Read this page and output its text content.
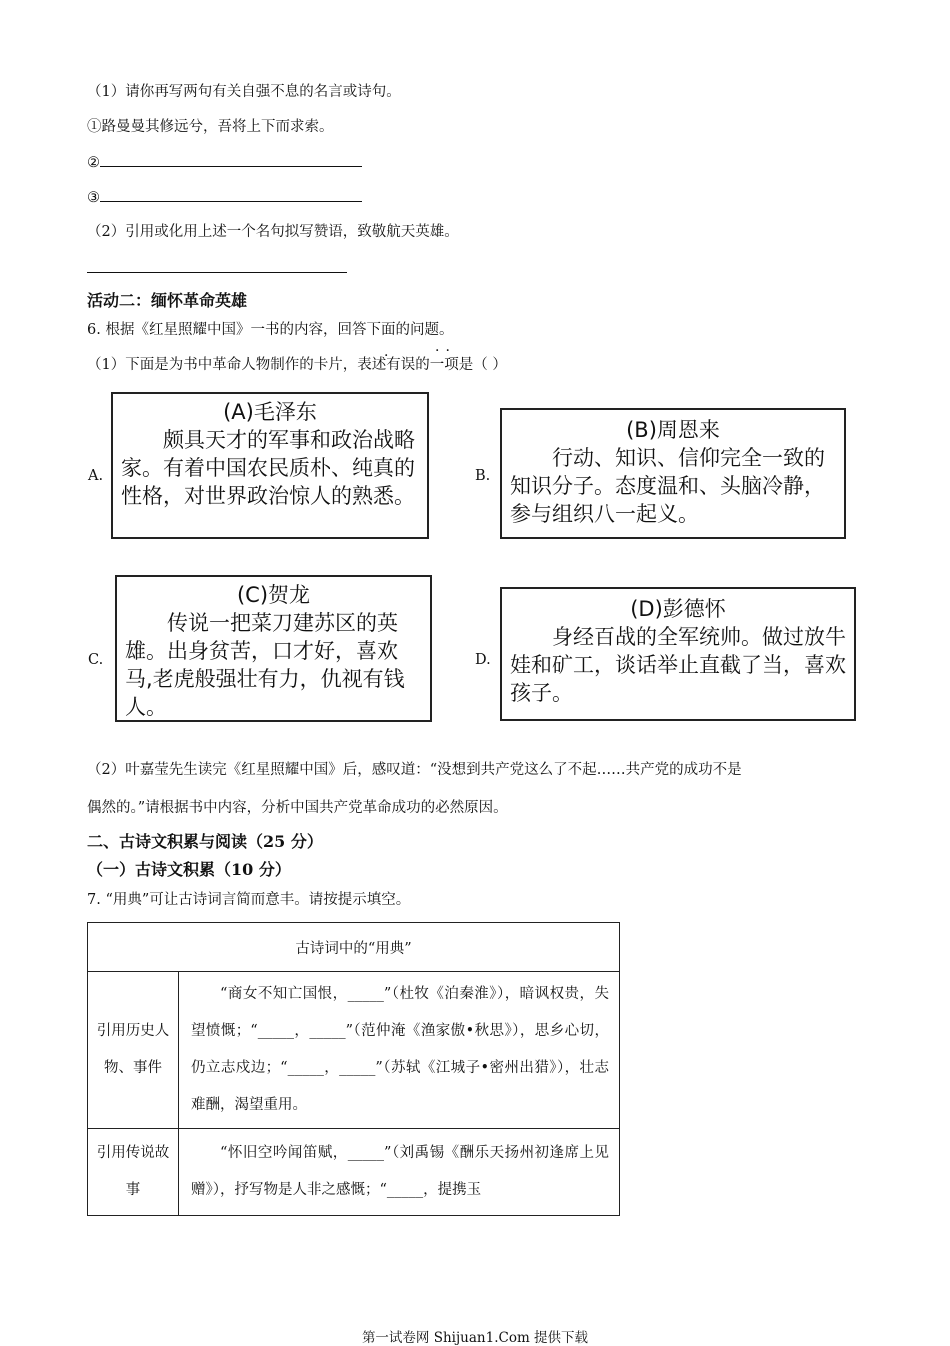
（1）请你再写两句有关自强不息的名言或诗句。
①路曼曼其修远兮，吾将上下而求索。
②
③
（2）引用或化用上述一个名句拟写赞语，致敬航天英雄。
活动二：缅怀革命英雄
6. 根据《红星照耀中国》一书的内容，回答下面的问题。
（1）下面是为书中革命人物制作的卡片，表述有误的一项是（ ）
··
A.
(A)毛泽东
颇具天才的军事和政治战略家。有着中国农民质朴、纯真的性格，对世界政治惊人的熟悉。
B.
(B)周恩来
行动、知识、信仰完全一致的知识分子。态度温和、头脑冷静，参与组织八一起义。
C.
(C)贺龙
传说一把菜刀建苏区的英雄。出身贫苦，口才好，喜欢马,老虎般强壮有力，仇视有钱人。
D.
(D)彭德怀
身经百战的全军统帅。做过放牛娃和矿工，谈话举止直截了当，喜欢孩子。
（2）叶嘉莹先生读完《红星照耀中国》后，感叹道：“没想到共产党这么了不起……共产党的成功不是
偶然的。”请根据书中内容，分析中国共产党革命成功的必然原因。
二、古诗文积累与阅读（25 分）
（一）古诗文积累（10 分）
7. “用典”可让古诗词言简而意丰。请按提示填空。
古诗词中的“用典”	
引用历史人物、事件	“商女不知亡国恨，_____”（杜牧《泊秦淮》），暗讽权贵，失望愤慨；“_____，_____”（范仲淹《渔家傲•秋思》），思乡心切，仍立志戍边；“_____，_____”（苏轼《江城子•密州出猎》），壮志难酬，渴望重用。
引用传说故事	“怀旧空吟闻笛赋，_____”（刘禹锡《酬乐天扬州初逢席上见赠》），抒写物是人非之感慨；“_____，提携玉
第一试卷网 Shijuan1.Com 提供下载
